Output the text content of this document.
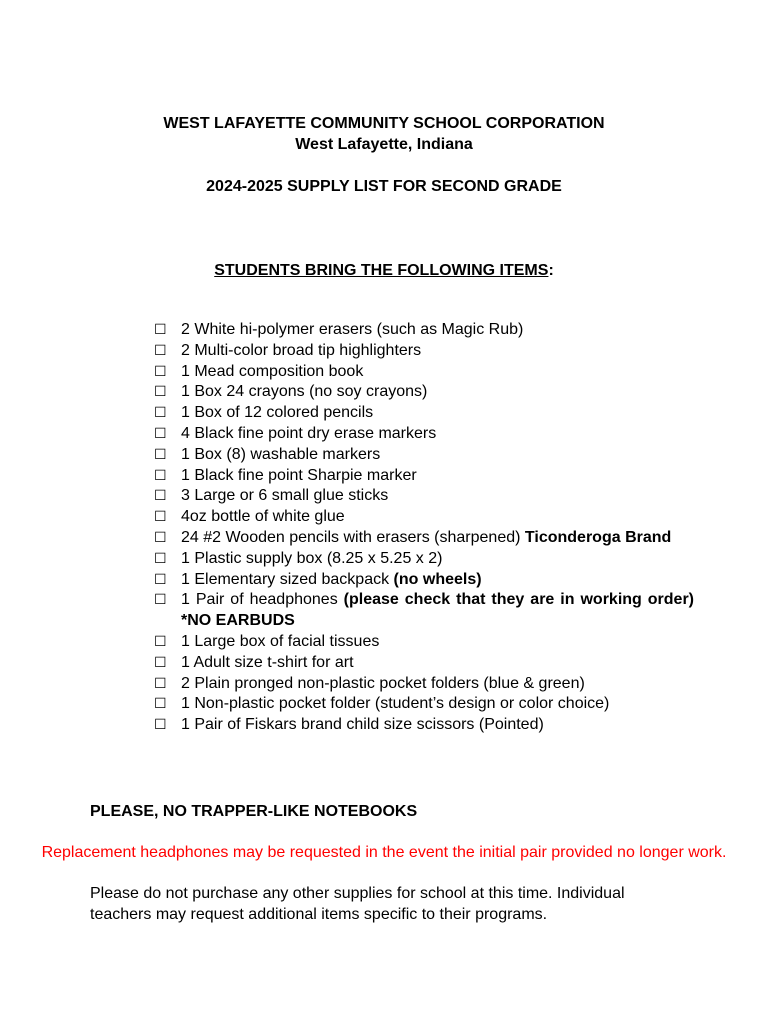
WEST LAFAYETTE COMMUNITY SCHOOL CORPORATION
West Lafayette, Indiana
2024-2025 SUPPLY LIST FOR SECOND GRADE
STUDENTS BRING THE FOLLOWING ITEMS:
☐ 2 White hi-polymer erasers (such as Magic Rub)
☐ 2 Multi-color broad tip highlighters
☐ 1 Mead composition book
☐ 1 Box 24 crayons (no soy crayons)
☐ 1 Box of 12 colored pencils
☐ 4 Black fine point dry erase markers
☐ 1 Box (8) washable markers
☐ 1 Black fine point Sharpie marker
☐ 3 Large or 6 small glue sticks
☐ 4oz bottle of white glue
☐ 24 #2 Wooden pencils with erasers (sharpened) Ticonderoga Brand
☐ 1 Plastic supply box (8.25 x 5.25 x 2)
☐ 1 Elementary sized backpack (no wheels)
☐ 1 Pair of headphones (please check that they are in working order) *NO EARBUDS
☐ 1 Large box of facial tissues
☐ 1 Adult size t-shirt for art
☐ 2 Plain pronged non-plastic pocket folders (blue & green)
☐ 1 Non-plastic pocket folder (student’s design or color choice)
☐ 1 Pair of Fiskars brand child size scissors (Pointed)
PLEASE, NO TRAPPER-LIKE NOTEBOOKS
Replacement headphones may be requested in the event the initial pair provided no longer work.
Please do not purchase any other supplies for school at this time. Individual teachers may request additional items specific to their programs.
